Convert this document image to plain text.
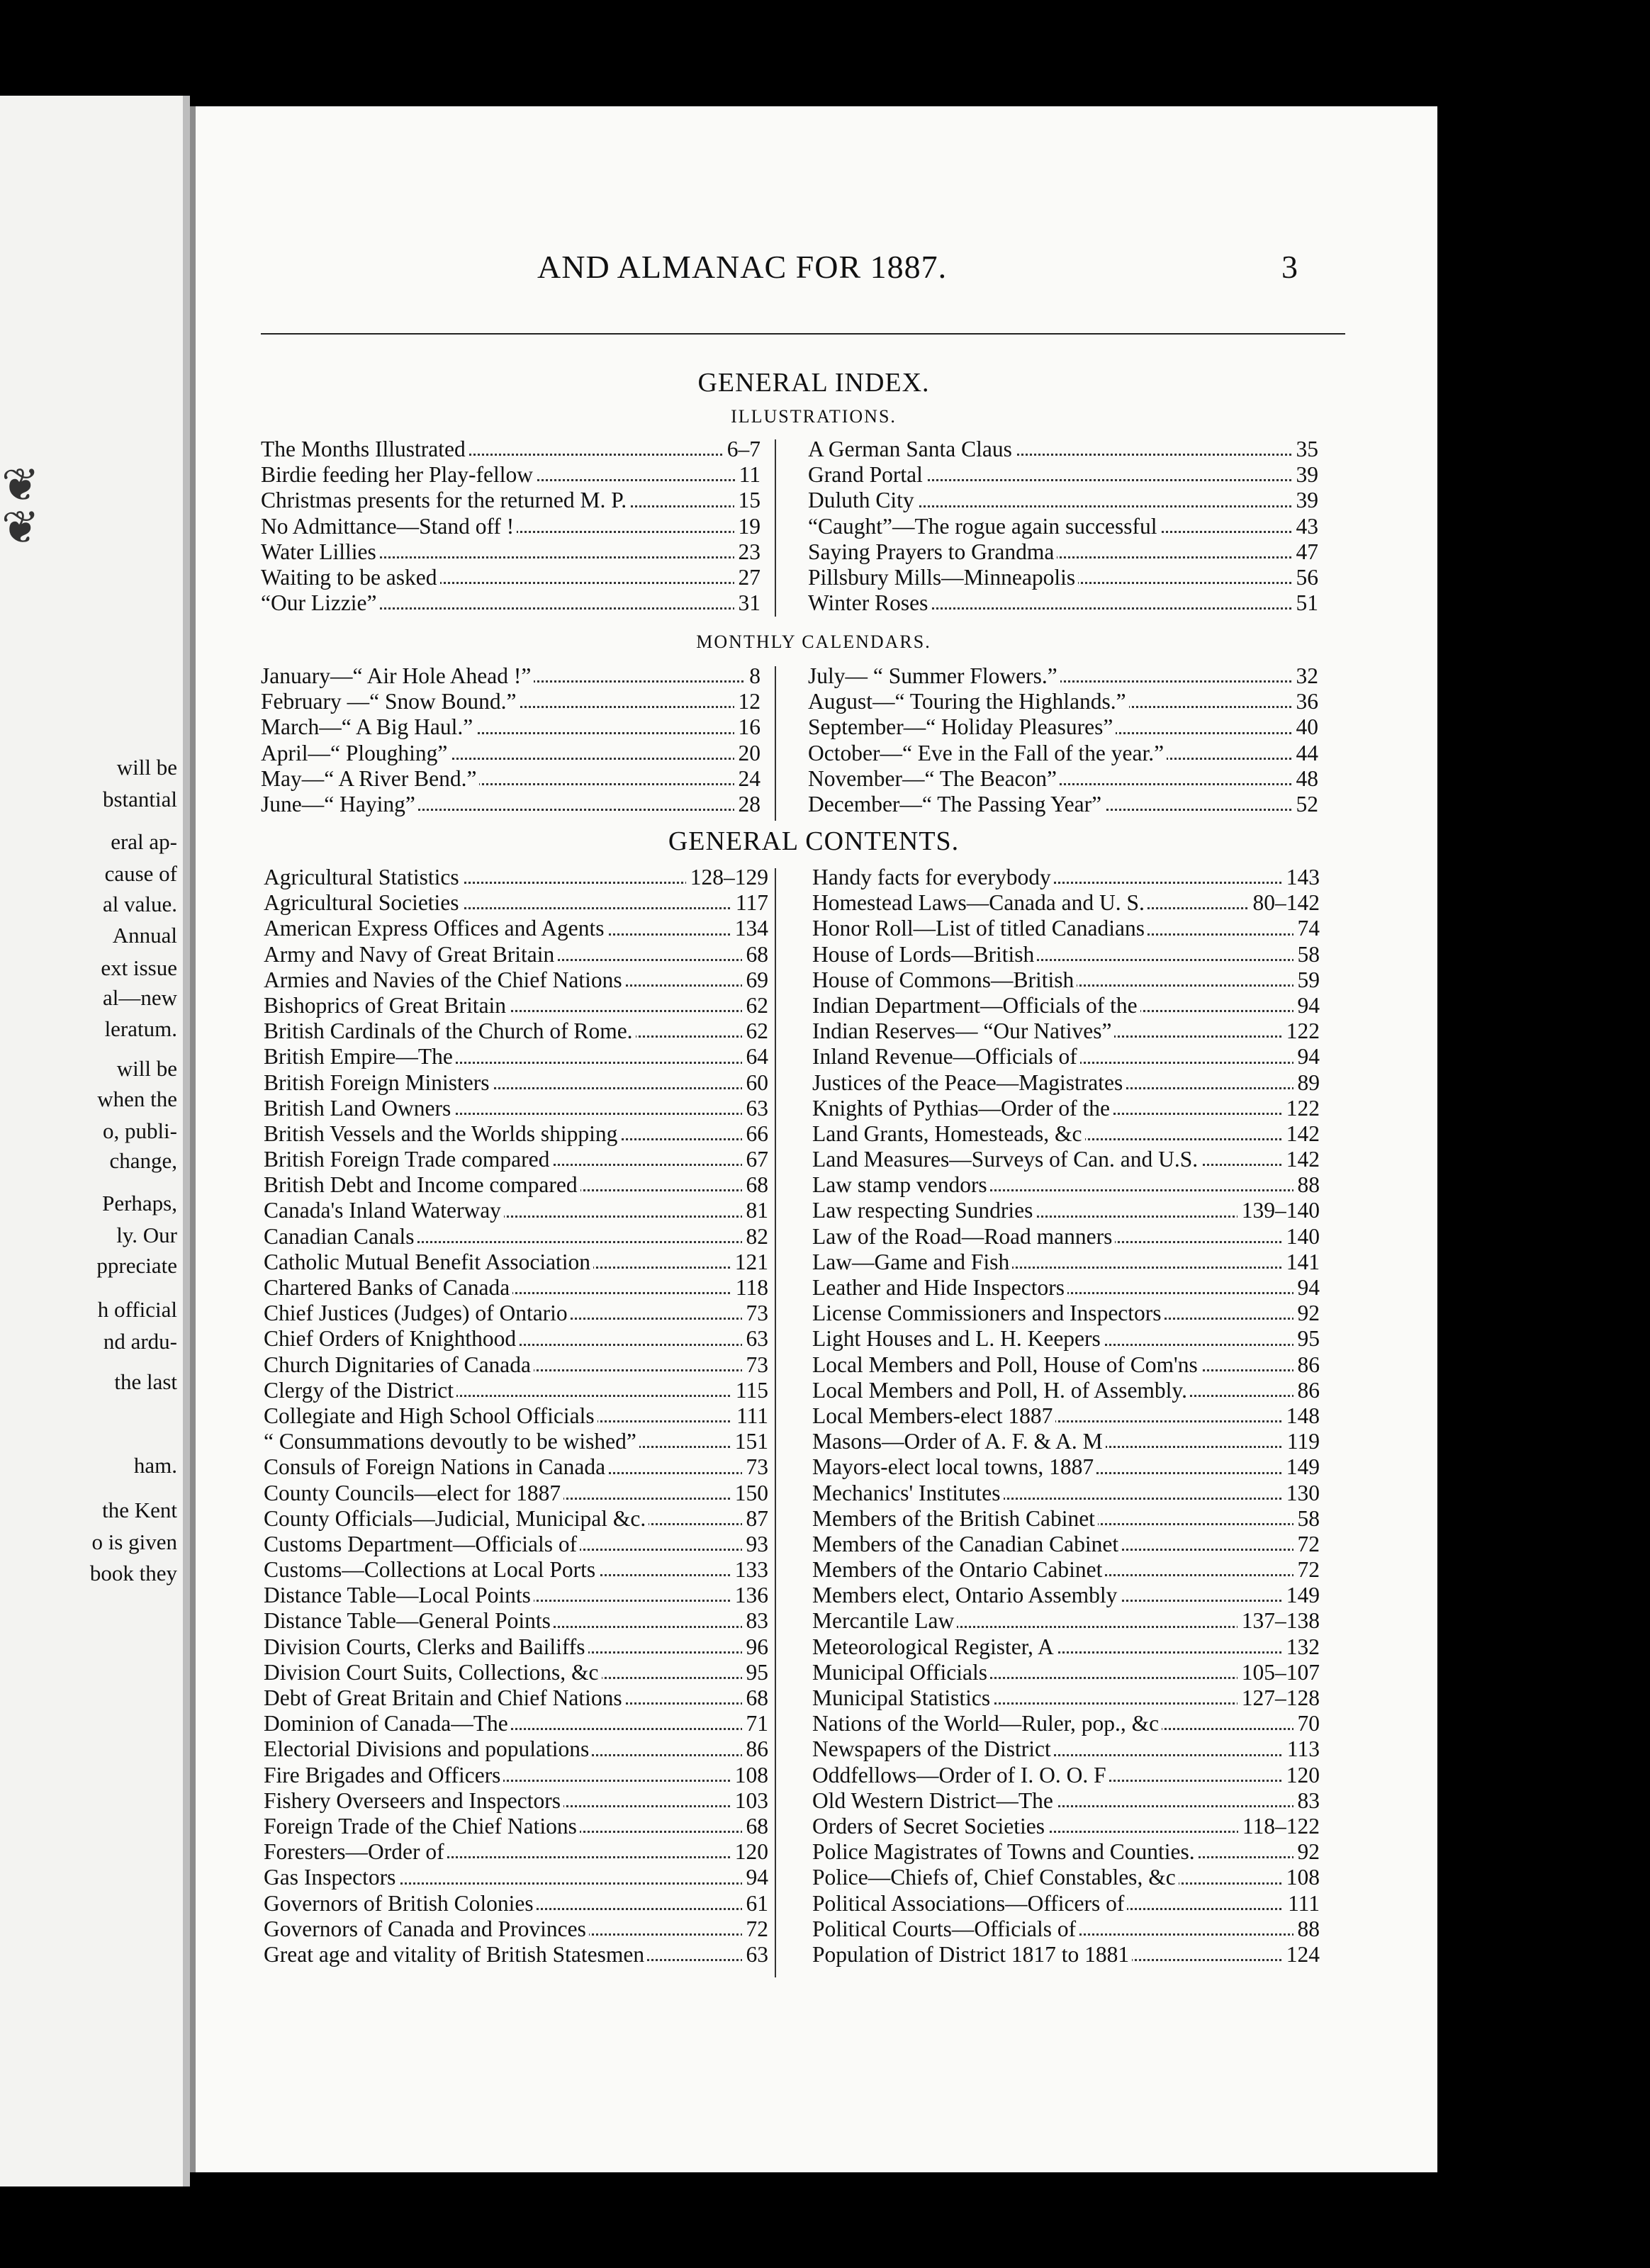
❦
❦
will be
bstantial
eral ap-
cause of
al value.
Annual
ext issue
al—new
leratum.
will be
when the
o, publi-
change,
Perhaps,
ly. Our
ppreciate
h official
nd ardu-
the last
ham.
the Kent
o is given
book they
AND ALMANAC FOR 1887.	3
GENERAL INDEX.
ILLUSTRATIONS.
The Months Illustrated	6–7
Birdie feeding her Play-fellow	11
Christmas presents for the returned M. P.	15
No Admittance—Stand off !	19
Water Lillies	23
Waiting to be asked	27
“Our Lizzie”	31
A German Santa Claus	35
Grand Portal	39
Duluth City	39
“Caught”—The rogue again successful	43
Saying Prayers to Grandma	47
Pillsbury Mills—Minneapolis	56
Winter Roses	51
MONTHLY CALENDARS.
January—“ Air Hole Ahead !”	8
February —“ Snow Bound.”	12
March—“ A Big Haul.”	16
April—“ Ploughing”	20
May—“ A River Bend.”	24
June—“ Haying”	28
July— “ Summer Flowers.”	32
August—“ Touring the Highlands.”	36
September—“ Holiday Pleasures”	40
October—“ Eve in the Fall of the year.”	44
November—“ The Beacon”	48
December—“ The Passing Year”	52
GENERAL CONTENTS.
Agricultural Statistics	128–129
Agricultural Societies	117
American Express Offices and Agents	134
Army and Navy of Great Britain	68
Armies and Navies of the Chief Nations	69
Bishoprics of Great Britain	62
British Cardinals of the Church of Rome.	62
British Empire—The	64
British Foreign Ministers	60
British Land Owners	63
British Vessels and the Worlds shipping	66
British Foreign Trade compared	67
British Debt and Income compared	68
Canada's Inland Waterway	81
Canadian Canals	82
Catholic Mutual Benefit Association	121
Chartered Banks of Canada	118
Chief Justices (Judges) of Ontario	73
Chief Orders of Knighthood	63
Church Dignitaries of Canada	73
Clergy of the District	115
Collegiate and High School Officials	111
“ Consummations devoutly to be wished”	151
Consuls of Foreign Nations in Canada	73
County Councils—elect for 1887	150
County Officials—Judicial, Municipal &c.	87
Customs Department—Officials of	93
Customs—Collections at Local Ports	133
Distance Table—Local Points	136
Distance Table—General Points	83
Division Courts, Clerks and Bailiffs	96
Division Court Suits, Collections, &c	95
Debt of Great Britain and Chief Nations	68
Dominion of Canada—The	71
Electorial Divisions and populations	86
Fire Brigades and Officers	108
Fishery Overseers and Inspectors	103
Foreign Trade of the Chief Nations	68
Foresters—Order of	120
Gas Inspectors	94
Governors of British Colonies	61
Governors of Canada and Provinces	72
Great age and vitality of British Statesmen	63
Handy facts for everybody	143
Homestead Laws—Canada and U. S.	80–142
Honor Roll—List of titled Canadians	74
House of Lords—British	58
House of Commons—British	59
Indian Department—Officials of the	94
Indian Reserves— “Our Natives”	122
Inland Revenue—Officials of	94
Justices of the Peace—Magistrates	89
Knights of Pythias—Order of the	122
Land Grants, Homesteads, &c	142
Land Measures—Surveys of Can. and U.S.	142
Law stamp vendors	88
Law respecting Sundries	139–140
Law of the Road—Road manners	140
Law—Game and Fish	141
Leather and Hide Inspectors	94
License Commissioners and Inspectors	92
Light Houses and L. H. Keepers	95
Local Members and Poll, House of Com'ns	86
Local Members and Poll, H. of Assembly.	86
Local Members-elect 1887	148
Masons—Order of A. F. & A. M	119
Mayors-elect local towns, 1887	149
Mechanics' Institutes	130
Members of the British Cabinet	58
Members of the Canadian Cabinet	72
Members of the Ontario Cabinet	72
Members elect, Ontario Assembly	149
Mercantile Law	137–138
Meteorological Register, A	132
Municipal Officials	105–107
Municipal Statistics	127–128
Nations of the World—Ruler, pop., &c	70
Newspapers of the District	113
Oddfellows—Order of I. O. O. F	120
Old Western District—The	83
Orders of Secret Societies	118–122
Police Magistrates of Towns and Counties.	92
Police—Chiefs of, Chief Constables, &c	108
Political Associations—Officers of	111
Political Courts—Officials of	88
Population of District 1817 to 1881	124
